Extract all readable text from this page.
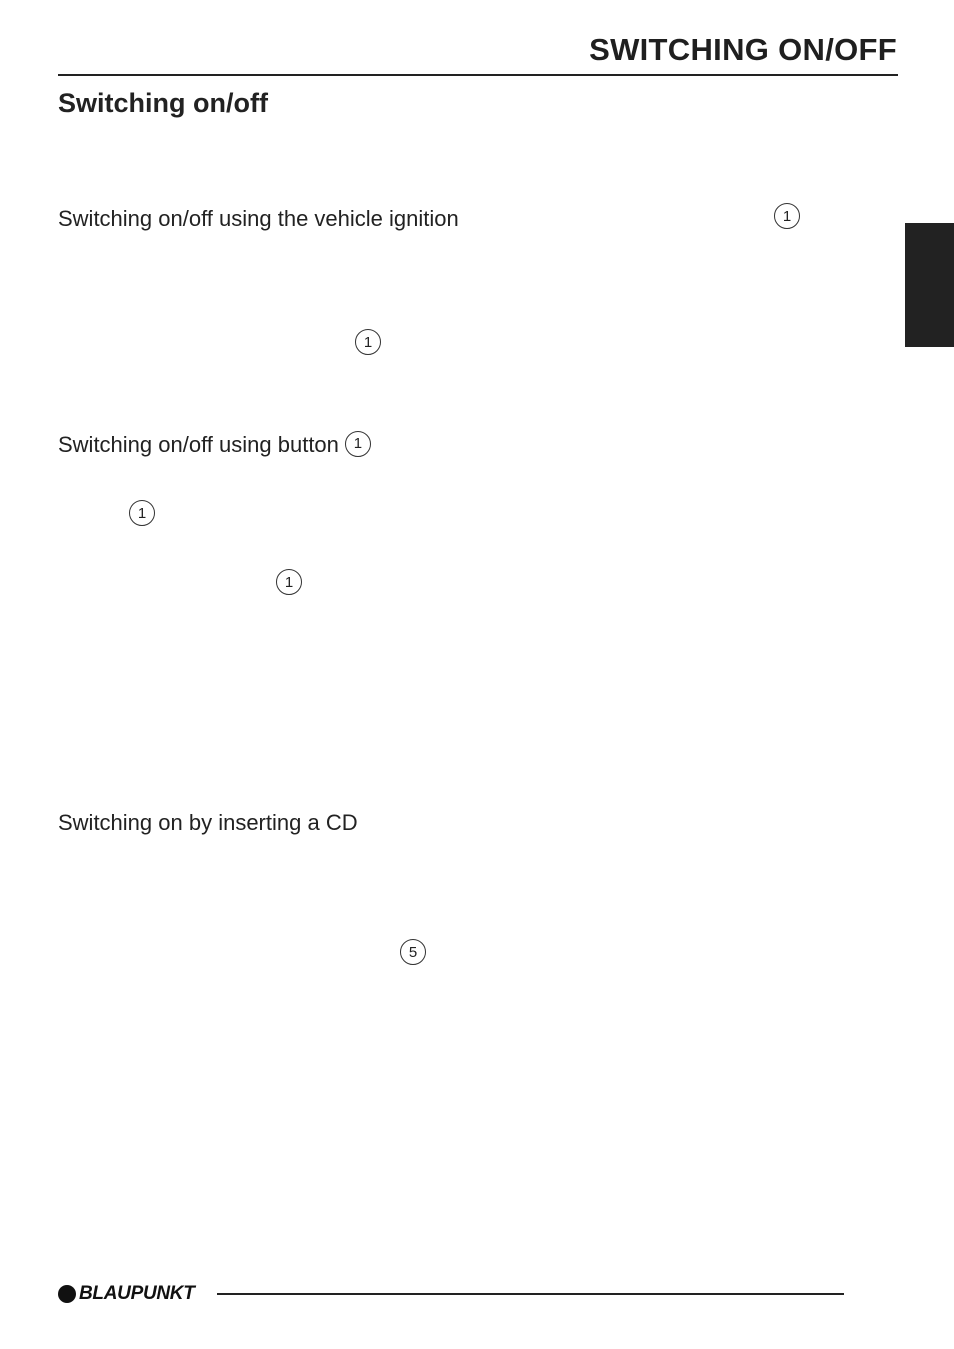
SWITCHING ON/OFF
Switching on/off
Switching on/off using the vehicle ignition	1
1
Switching on/off using button 1
1
1
Switching on by inserting a CD
5
BLAUPUNKT
